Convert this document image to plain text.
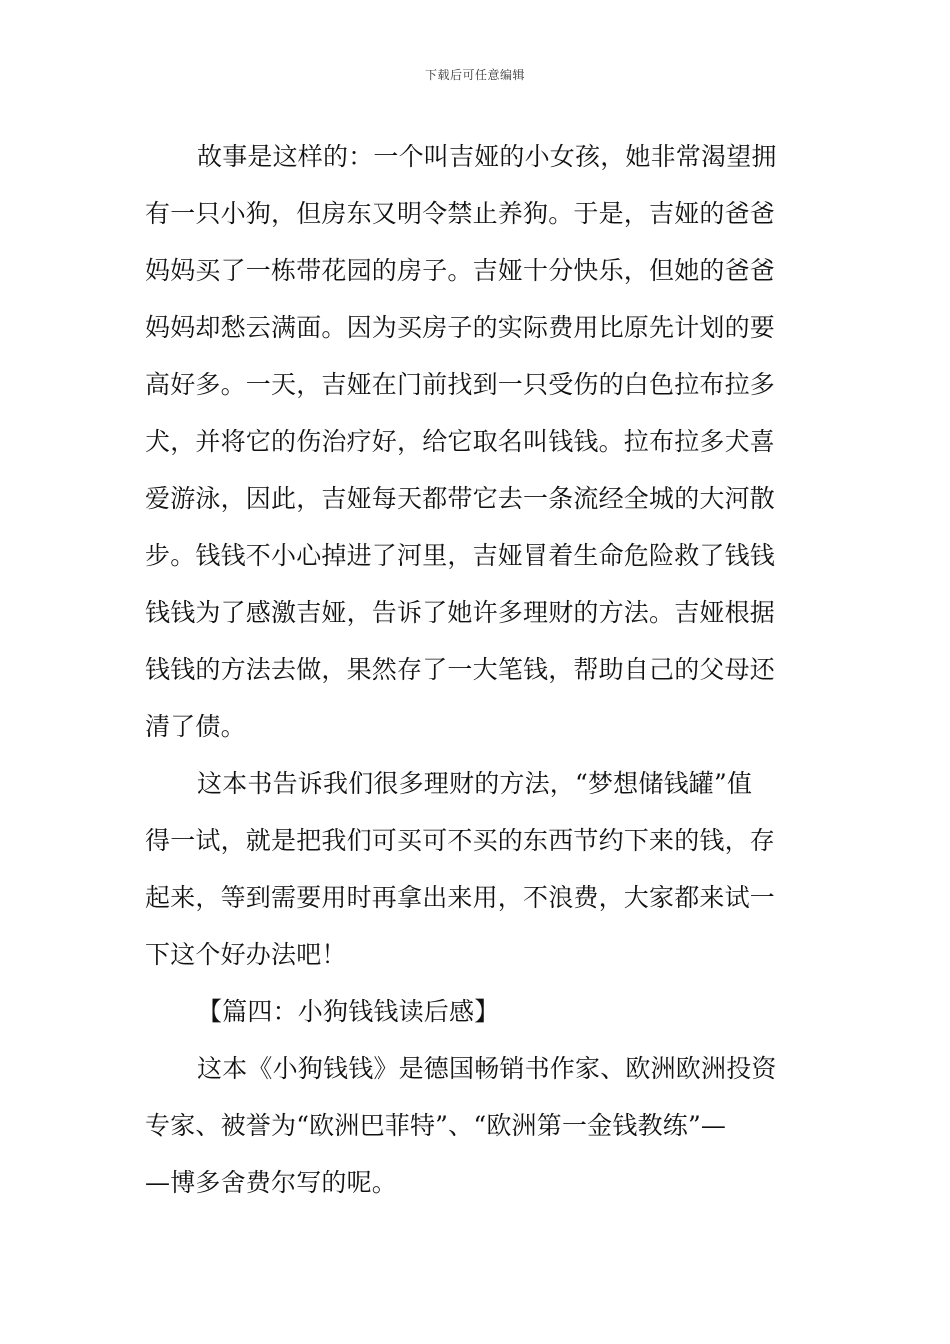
下载后可任意编辑
故事是这样的：一个叫吉娅的小女孩，她非常渴望拥
有一只小狗，但房东又明令禁止养狗。于是，吉娅的爸爸
妈妈买了一栋带花园的房子。吉娅十分快乐，但她的爸爸
妈妈却愁云满面。因为买房子的实际费用比原先计划的要
高好多。一天，吉娅在门前找到一只受伤的白色拉布拉多
犬，并将它的伤治疗好，给它取名叫钱钱。拉布拉多犬喜
爱游泳，因此，吉娅每天都带它去一条流经全城的大河散
步。钱钱不小心掉进了河里，吉娅冒着生命危险救了钱钱
钱钱为了感激吉娅，告诉了她许多理财的方法。吉娅根据
钱钱的方法去做，果然存了一大笔钱，帮助自己的父母还
清了债。
这本书告诉我们很多理财的方法，“梦想储钱罐”值
得一试，就是把我们可买可不买的东西节约下来的钱，存
起来，等到需要用时再拿出来用，不浪费，大家都来试一
下这个好办法吧！
【篇四：小狗钱钱读后感】
这本《小狗钱钱》是德国畅销书作家、欧洲欧洲投资
专家、被誉为“欧洲巴菲特”、“欧洲第一金钱教练”—
—博多舍费尔写的呢。
